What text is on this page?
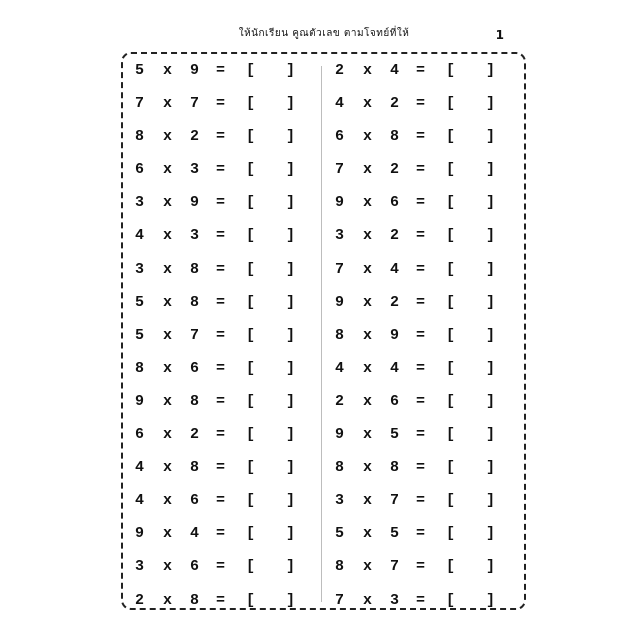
ให้นักเรียน คูณตัวเลข ตามโจทย์ที่ให้	1
5 x 9 = [ ]
7 x 7 = [ ]
8 x 2 = [ ]
6 x 3 = [ ]
3 x 9 = [ ]
4 x 3 = [ ]
3 x 8 = [ ]
5 x 8 = [ ]
5 x 7 = [ ]
8 x 6 = [ ]
9 x 8 = [ ]
6 x 2 = [ ]
4 x 8 = [ ]
4 x 6 = [ ]
9 x 4 = [ ]
3 x 6 = [ ]
2 x 8 = [ ]
2 x 4 = [ ]
4 x 2 = [ ]
6 x 8 = [ ]
7 x 2 = [ ]
9 x 6 = [ ]
3 x 2 = [ ]
7 x 4 = [ ]
9 x 2 = [ ]
8 x 9 = [ ]
4 x 4 = [ ]
2 x 6 = [ ]
9 x 5 = [ ]
8 x 8 = [ ]
3 x 7 = [ ]
5 x 5 = [ ]
8 x 7 = [ ]
7 x 3 = [ ]
